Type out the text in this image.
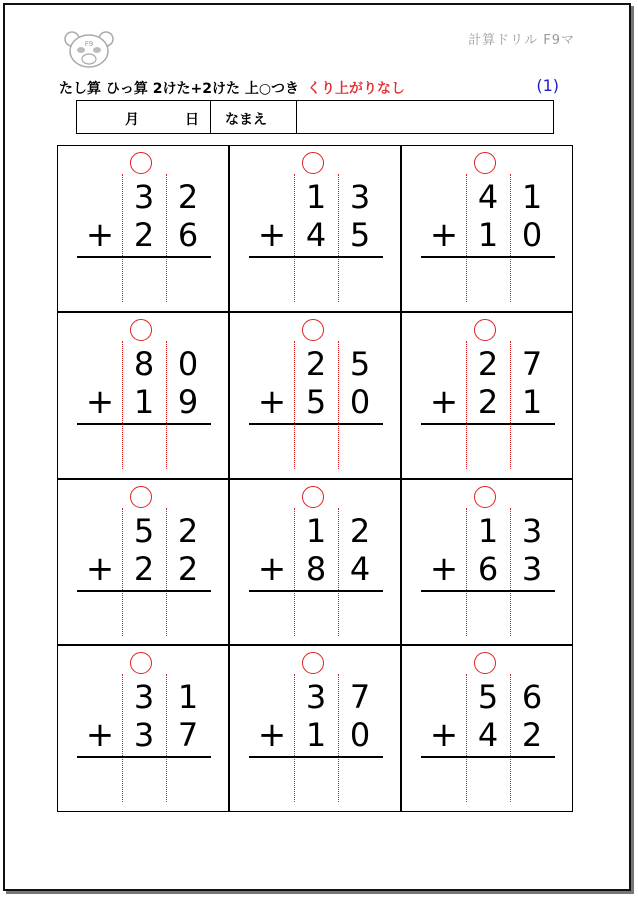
F9	計算ドリル F9マ
たし算 ひっ算 2けた+2けた 上○つき くり上がりなし	(1)
月	日 なまえ
3 2
+ 2 6
1 3
+ 4 5
4 1
+ 1 0
8 0
+ 1 9
2 5
+ 5 0
2 7
+ 2 1
5 2
+ 2 2
1 2
+ 8 4
1 3
+ 6 3
3 1
+ 3 7
3 7
+ 1 0
5 6
+ 4 2
